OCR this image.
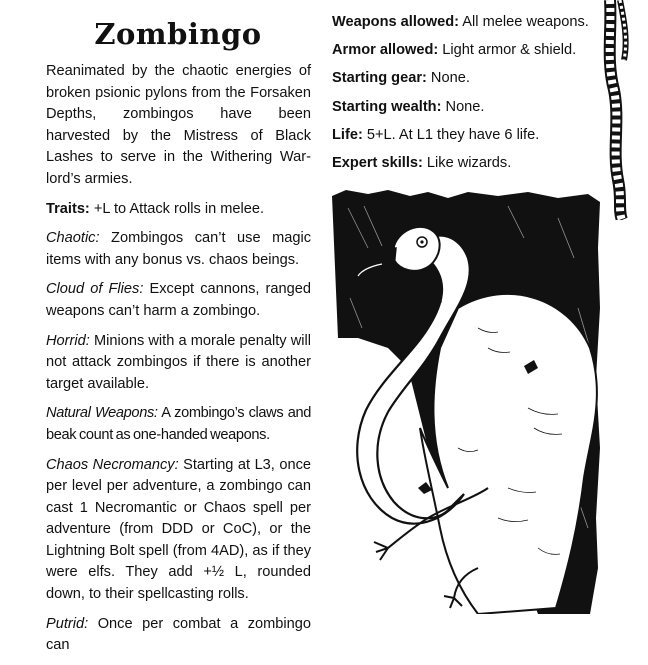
Zombingo

Reanimated by the chaotic energies of broken psionic pylons from the Forsaken Depths, zombingos have been harvested by the Mistress of Black Lashes to serve in the Withering Warlord’s armies.

Traits: +L to Attack rolls in melee.

Chaotic: Zombingos can’t use magic items with any bonus vs. chaos beings.

Cloud of Flies: Except cannons, ranged weapons can’t harm a zombingo.

Horrid: Minions with a morale penalty will not attack zombingos if there is another target available.

Natural Weapons: A zombingo’s claws and beak count as one-handed weapons.

Chaos Necromancy: Starting at L3, once per level per adventure, a zombingo can cast 1 Necromantic or Chaos spell per adventure (from DDD or CoC), or the Lightning Bolt spell (from 4AD), as if they were elfs. They add +½ L, rounded down, to their spellcasting rolls.

Putrid: Once per combat a zombingo can

Weapons allowed: All melee weapons.

Armor allowed: Light armor & shield.

Starting gear: None.

Starting wealth: None.

Life: 5+L. At L1 they have 6 life.

Expert skills: Like wizards.
